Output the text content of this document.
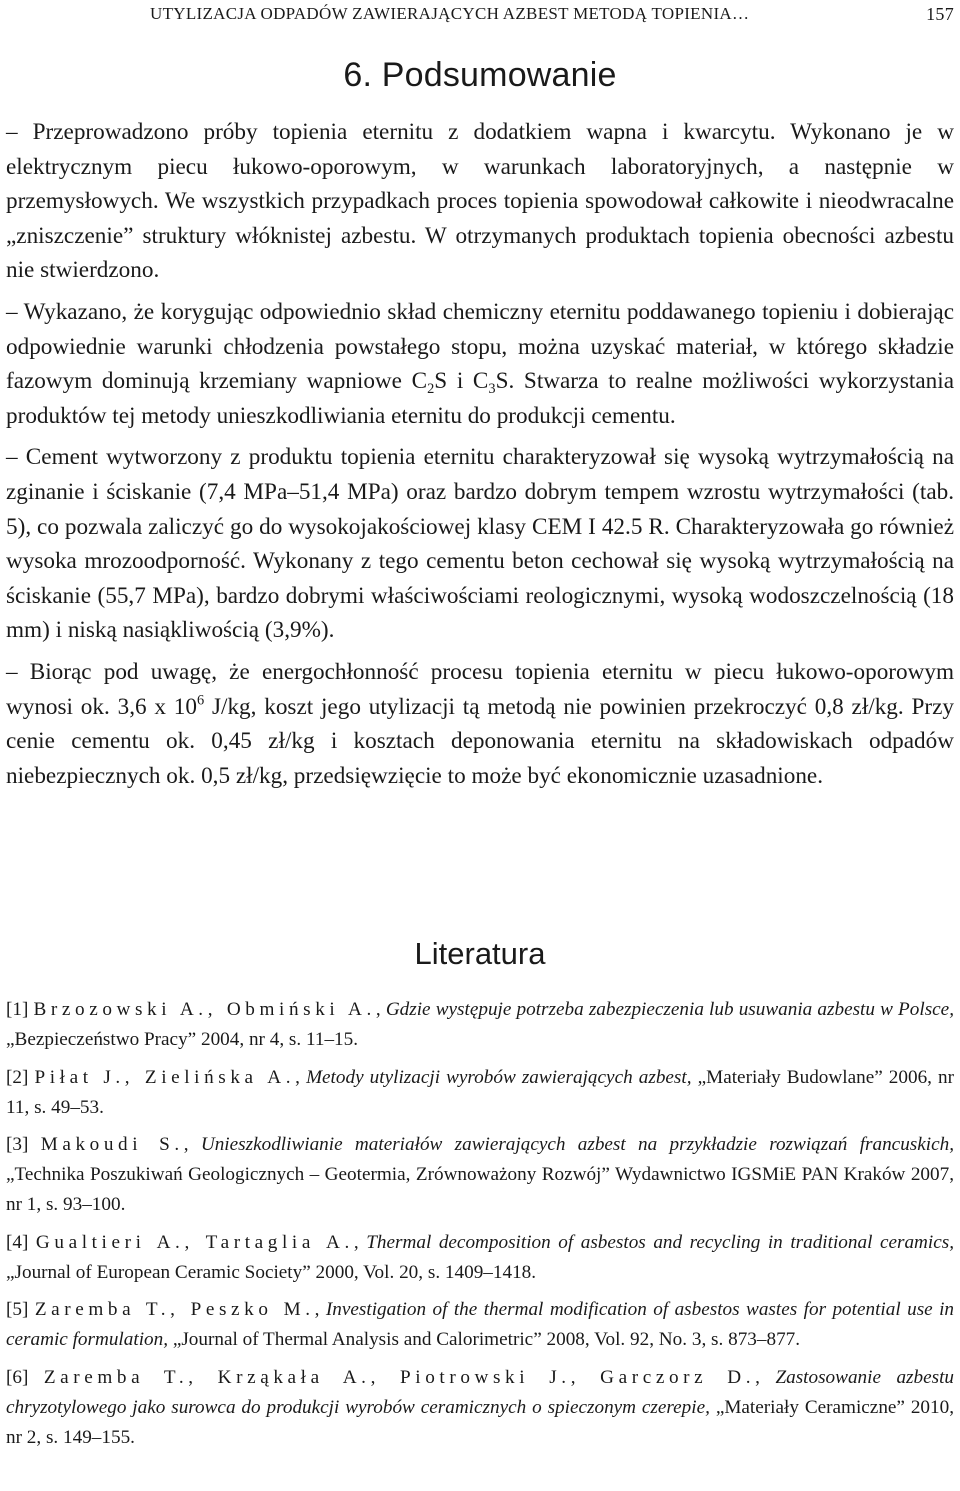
UTYLIZACJA ODPADÓW ZAWIERAJĄCYCH AZBEST METODĄ TOPIENIA…	157
6. Podsumowanie

– Przeprowadzono próby topienia eternitu z dodatkiem wapna i kwarcytu. Wykonano je w elektrycznym piecu łukowo-oporowym, w warunkach laboratoryjnych, a następnie w przemysłowych. We wszystkich przypadkach proces topienia spowodował całkowite i nieodwracalne „zniszczenie” struktury włóknistej azbestu. W otrzymanych produktach topienia obecności azbestu nie stwierdzono.

– Wykazano, że korygując odpowiednio skład chemiczny eternitu poddawanego topieniu i dobierając odpowiednie warunki chłodzenia powstałego stopu, można uzyskać materiał, w którego składzie fazowym dominują krzemiany wapniowe $C_2S$ i $C_3S$. Stwarza to realne możliwości wykorzystania produktów tej metody unieszkodliwiania eternitu do produkcji cementu.

– Cement wytworzony z produktu topienia eternitu charakteryzował się wysoką wytrzymałością na zginanie i ściskanie (7,4 MPa–51,4 MPa) oraz bardzo dobrym tempem wzrostu wytrzymałości (tab. 5), co pozwala zaliczyć go do wysokojakościowej klasy CEM I 42.5 R. Charakteryzowała go również wysoka mrozoodporność. Wykonany z tego cementu beton cechował się wysoką wytrzymałością na ściskanie (55,7 MPa), bardzo dobrymi właściwościami reologicznymi, wysoką wodoszczelnością (18 mm) i niską nasiąkliwością (3,9%).

– Biorąc pod uwagę, że energochłonność procesu topienia eternitu w piecu łukowo-oporowym wynosi ok. 3,6 x $10^6$ J/kg, koszt jego utylizacji tą metodą nie powinien przekroczyć 0,8 zł/kg. Przy cenie cementu ok. 0,45 zł/kg i kosztach deponowania eternitu na składowiskach odpadów niebezpiecznych ok. 0,5 zł/kg, przedsięwzięcie to może być ekonomicznie uzasadnione.

Literatura
[1] Brzozowski A., Obmiński A., Gdzie występuje potrzeba zabezpieczenia lub usuwania azbestu w Polsce, „Bezpieczeństwo Pracy” 2004, nr 4, s. 11–15.
[2] Piłat J., Zielińska A., Metody utylizacji wyrobów zawierających azbest, „Materiały Budowlane” 2006, nr 11, s. 49–53.
[3] Makoudi S., Unieszkodliwianie materiałów zawierających azbest na przykładzie rozwiązań francuskich, „Technika Poszukiwań Geologicznych – Geotermia, Zrównoważony Rozwój” Wydawnictwo IGSMiE PAN Kraków 2007, nr 1, s. 93–100.
[4] Gualtieri A., Tartaglia A., Thermal decomposition of asbestos and recycling in traditional ceramics, „Journal of European Ceramic Society” 2000, Vol. 20, s. 1409–1418.
[5] Zaremba T., Peszko M., Investigation of the thermal modification of asbestos wastes for potential use in ceramic formulation, „Journal of Thermal Analysis and Calorimetric” 2008, Vol. 92, No. 3, s. 873–877.
[6] Zaremba T., Krząkała A., Piotrowski J., Garczorz D., Zastosowanie azbestu chryzotylowego jako surowca do produkcji wyrobów ceramicznych o spieczonym czerepie, „Materiały Ceramiczne” 2010, nr 2, s. 149–155.
